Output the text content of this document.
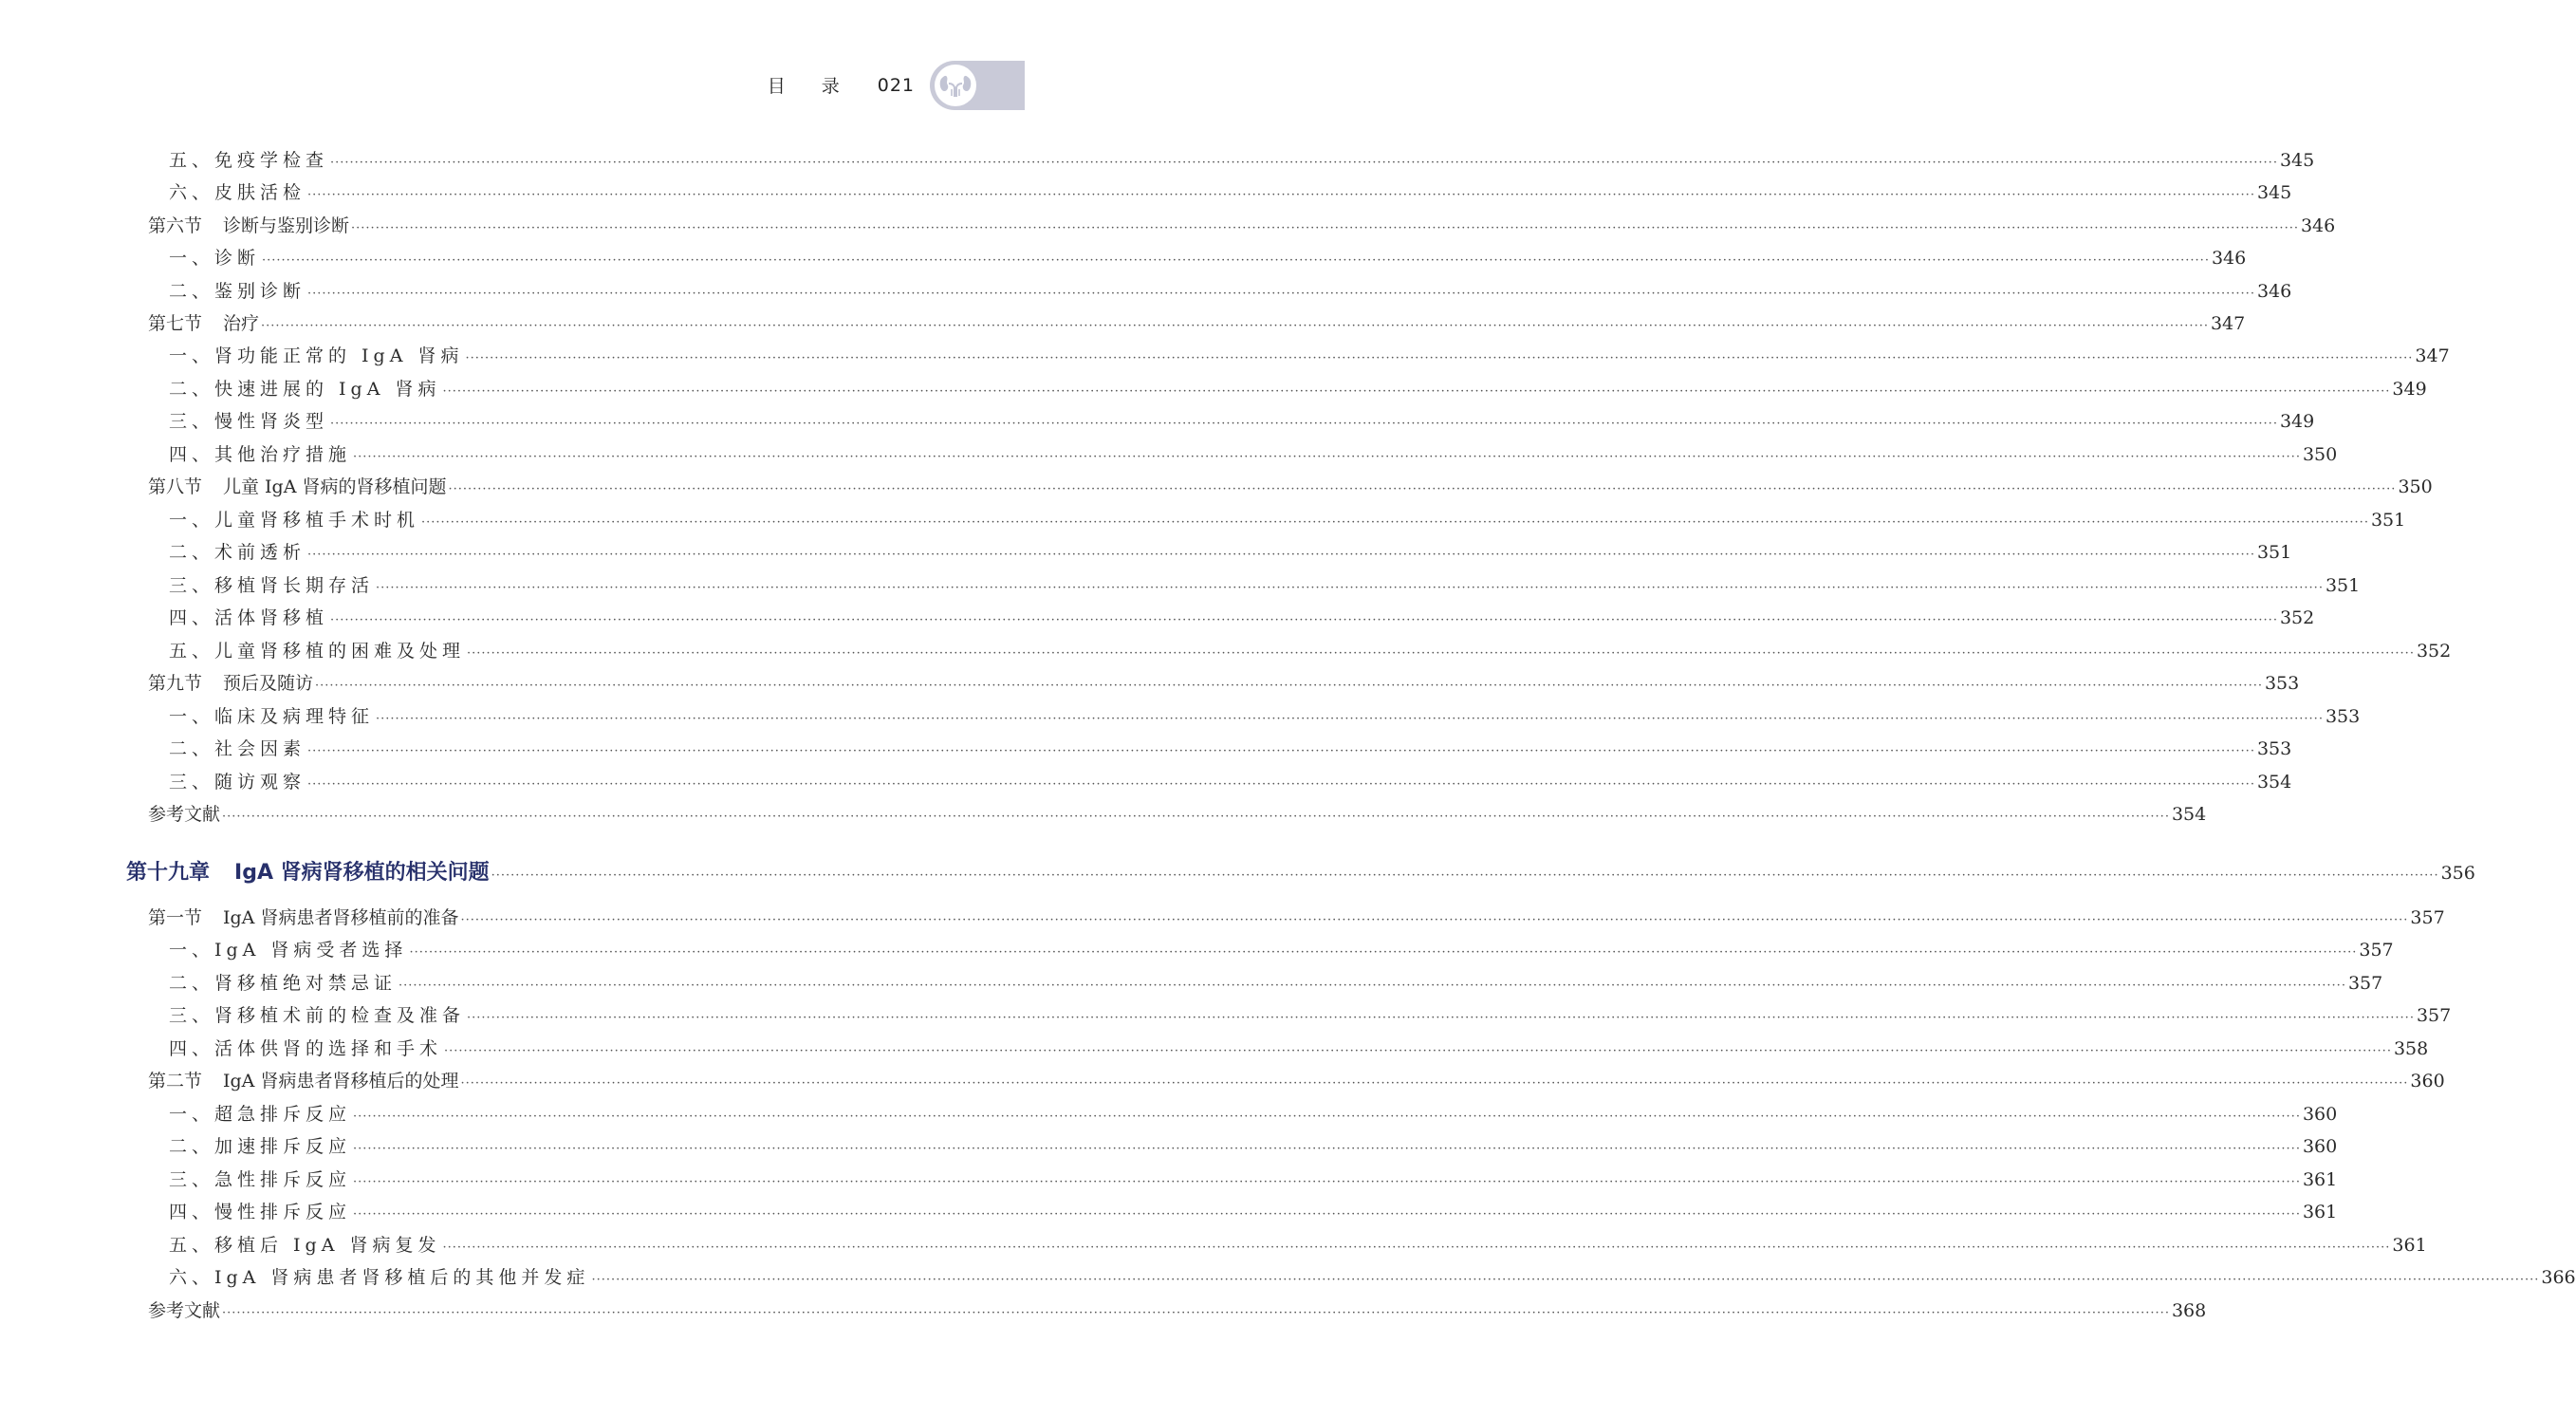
目录 021
五、免疫学检查 ················································································································································································································································································································································································································ 345
六、皮肤活检 ················································································································································································································································································································································································································ 345
第六节 诊断与鉴别诊断 ················································································································································································································································································································································································································ 346
一、诊断 ················································································································································································································································································································································································································ 346
二、鉴别诊断 ················································································································································································································································································································································································································ 346
第七节 治疗 ················································································································································································································································································································································································································ 347
一、肾功能正常的 IgA 肾病 ················································································································································································································································································································································································································ 347
二、快速进展的 IgA 肾病 ················································································································································································································································································································································································································ 349
三、慢性肾炎型 ················································································································································································································································································································································································································ 349
四、其他治疗措施 ················································································································································································································································································································································································································ 350
第八节 儿童 IgA 肾病的肾移植问题 ················································································································································································································································································································································································································ 350
一、儿童肾移植手术时机 ················································································································································································································································································································································································································ 351
二、术前透析 ················································································································································································································································································································································································································ 351
三、移植肾长期存活 ················································································································································································································································································································································································································ 351
四、活体肾移植 ················································································································································································································································································································································································································ 352
五、儿童肾移植的困难及处理 ················································································································································································································································································································································································································ 352
第九节 预后及随访 ················································································································································································································································································································································································································ 353
一、临床及病理特征 ················································································································································································································································································································································································································ 353
二、社会因素 ················································································································································································································································································································································································································ 353
三、随访观察 ················································································································································································································································································································································································································ 354
参考文献 ················································································································································································································································································································································································································ 354
第十九章 IgA 肾病肾移植的相关问题 ················································································································································································································································································································································································································ 356
第一节 IgA 肾病患者肾移植前的准备 ················································································································································································································································································································································································································ 357
一、IgA 肾病受者选择 ················································································································································································································································································································································································································ 357
二、肾移植绝对禁忌证 ················································································································································································································································································································································································································ 357
三、肾移植术前的检查及准备 ················································································································································································································································································································································································································ 357
四、活体供肾的选择和手术 ················································································································································································································································································································································································································ 358
第二节 IgA 肾病患者肾移植后的处理 ················································································································································································································································································································································································································ 360
一、超急排斥反应 ················································································································································································································································································································································································································ 360
二、加速排斥反应 ················································································································································································································································································································································································································ 360
三、急性排斥反应 ················································································································································································································································································································································································································ 361
四、慢性排斥反应 ················································································································································································································································································································································································································ 361
五、移植后 IgA 肾病复发 ················································································································································································································································································································································································································ 361
六、IgA 肾病患者肾移植后的其他并发症 ················································································································································································································································································································································································································ 366
参考文献 ················································································································································································································································································································································································································ 368
